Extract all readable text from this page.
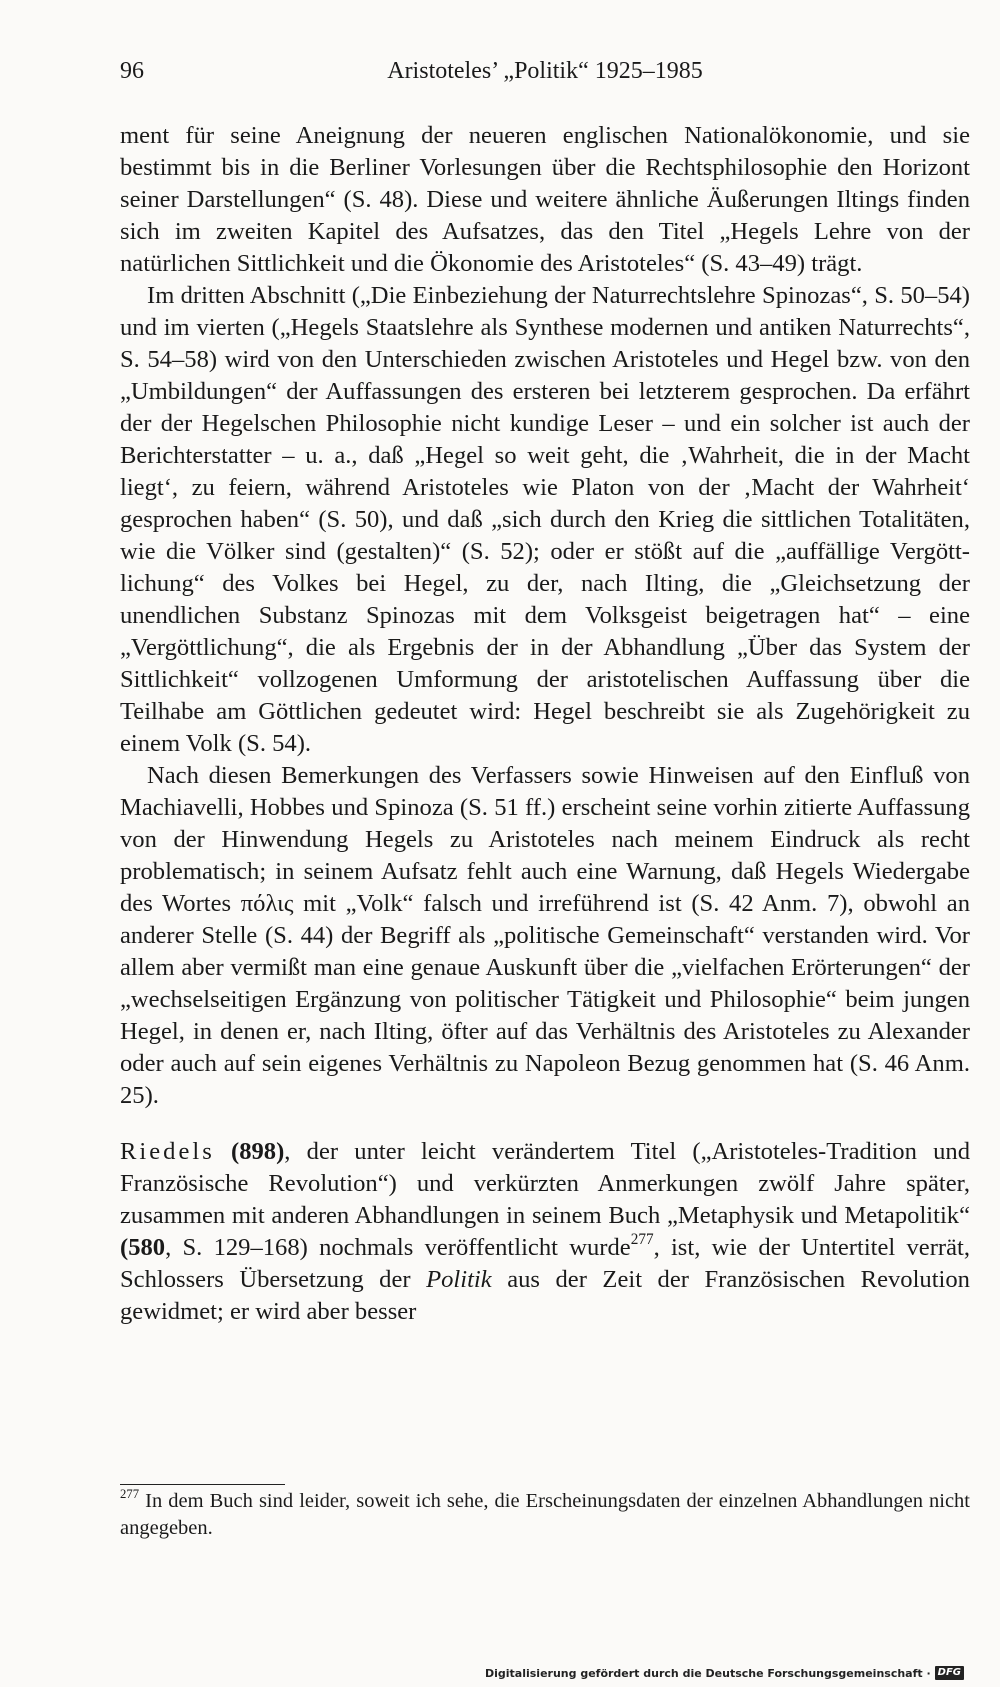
96	Aristoteles’ „Politik“ 1925–1985

ment für seine Aneignung der neueren englischen Nationalökonomie, und sie bestimmt bis in die Berliner Vorlesungen über die Rechtsphilosophie den Horizont seiner Darstellungen“ (S. 48). Diese und weitere ähnliche Äußerungen Iltings finden sich im zweiten Kapitel des Aufsatzes, das den Titel „Hegels Lehre von der natürlichen Sittlichkeit und die Ökonomie des Aristoteles“ (S. 43–49) trägt.

Im dritten Abschnitt („Die Einbeziehung der Naturrechtslehre Spinozas“, S. 50–54) und im vierten („Hegels Staatslehre als Synthese modernen und antiken Naturrechts“, S. 54–58) wird von den Unterschieden zwischen Aristoteles und Hegel bzw. von den „Umbildungen“ der Auffassungen des ersteren bei letzterem gesprochen. Da erfährt der der Hegelschen Philosophie nicht kundige Leser – und ein solcher ist auch der Berichterstatter – u. a., daß „Hegel so weit geht, die ‚Wahrheit, die in der Macht liegt‘, zu feiern, während Aristoteles wie Platon von der ‚Macht der Wahrheit‘ gesprochen haben“ (S. 50), und daß „sich durch den Krieg die sittlichen Totalitäten, wie die Völker sind (gestalten)“ (S. 52); oder er stößt auf die „auffällige Vergöttlichung“ des Volkes bei Hegel, zu der, nach Ilting, die „Gleichsetzung der unendlichen Substanz Spinozas mit dem Volksgeist beigetragen hat“ – eine „Vergöttlichung“, die als Ergebnis der in der Abhandlung „Über das System der Sittlichkeit“ vollzogenen Umformung der aristotelischen Auffassung über die Teilhabe am Göttlichen gedeutet wird: Hegel beschreibt sie als Zugehörigkeit zu einem Volk (S. 54).

Nach diesen Bemerkungen des Verfassers sowie Hinweisen auf den Einfluß von Machiavelli, Hobbes und Spinoza (S. 51 ff.) erscheint seine vorhin zitierte Auffassung von der Hinwendung Hegels zu Aristoteles nach meinem Eindruck als recht problematisch; in seinem Aufsatz fehlt auch eine Warnung, daß Hegels Wiedergabe des Wortes πόλις mit „Volk“ falsch und irreführend ist (S. 42 Anm. 7), obwohl an anderer Stelle (S. 44) der Begriff als „politische Gemeinschaft“ verstanden wird. Vor allem aber vermißt man eine genaue Auskunft über die „vielfachen Erörterungen“ der „wechselseitigen Ergänzung von politischer Tätigkeit und Philosophie“ beim jungen Hegel, in denen er, nach Ilting, öfter auf das Verhältnis des Aristoteles zu Alexander oder auch auf sein eigenes Verhältnis zu Napoleon Bezug genommen hat (S. 46 Anm. 25).

Riedels (898), der unter leicht verändertem Titel („Aristoteles-Tradition und Französische Revolution“) und verkürzten Anmerkungen zwölf Jahre später, zusammen mit anderen Abhandlungen in seinem Buch „Metaphysik und Metapolitik“ (580, S. 129–168) nochmals veröffentlicht wurde$^{277}$, ist, wie der Untertitel verrät, Schlossers Übersetzung der Politik aus der Zeit der Französischen Revolution gewidmet; er wird aber besser

$^{277}$ In dem Buch sind leider, soweit ich sehe, die Erscheinungsdaten der einzelnen Abhandlungen nicht angegeben.

Digitalisierung gefördert durch die Deutsche Forschungsgemeinschaft · DFG
